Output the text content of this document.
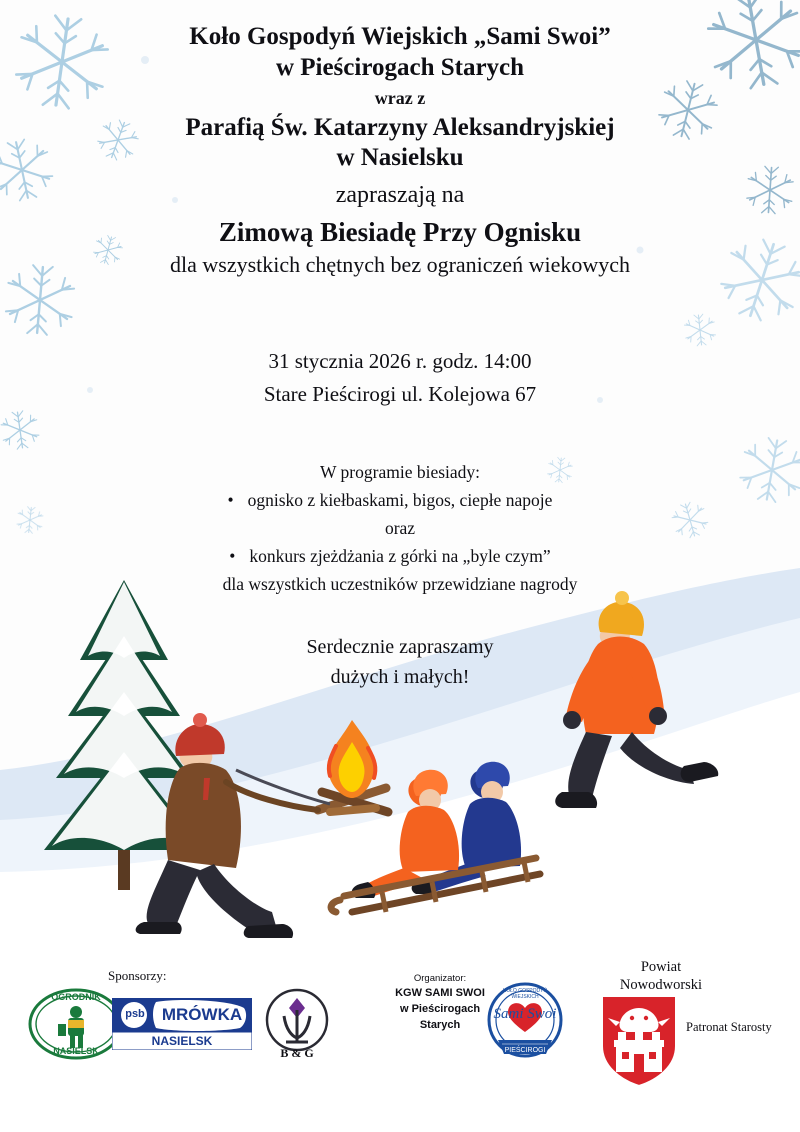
Koło Gospodyń Wiejskich „Sami Swoi”
w Pieścirogach Starych
wraz z
Parafią Św. Katarzyny Aleksandryjskiej
w Nasielsku
zapraszają na
Zimową Biesiadę Przy Ognisku
dla wszystkich chętnych bez ograniczeń wiekowych
31 stycznia 2026 r. godz. 14:00
Stare Pieścirogi ul. Kolejowa 67
W programie biesiady:
• ognisko z kiełbaskami, bigos, ciepłe napoje
oraz
• konkurs zjeżdżania z górki na „byle czym”
dla wszystkich uczestników przewidziane nagrody
Serdecznie zapraszamy
dużych i małych!
Sponsorzy:
OGRODNIK
NASIELSK
psb	MRÓWKA
NASIELSK
B & G
Organizator:
KGW SAMI SWOI
w Pieścirogach Starych
KOŁO GOSPODYŃ
WIEJSKICH
PIEŚCIROGI
Sami Swoi
Powiat
Nowodworski
Patronat Starosty
